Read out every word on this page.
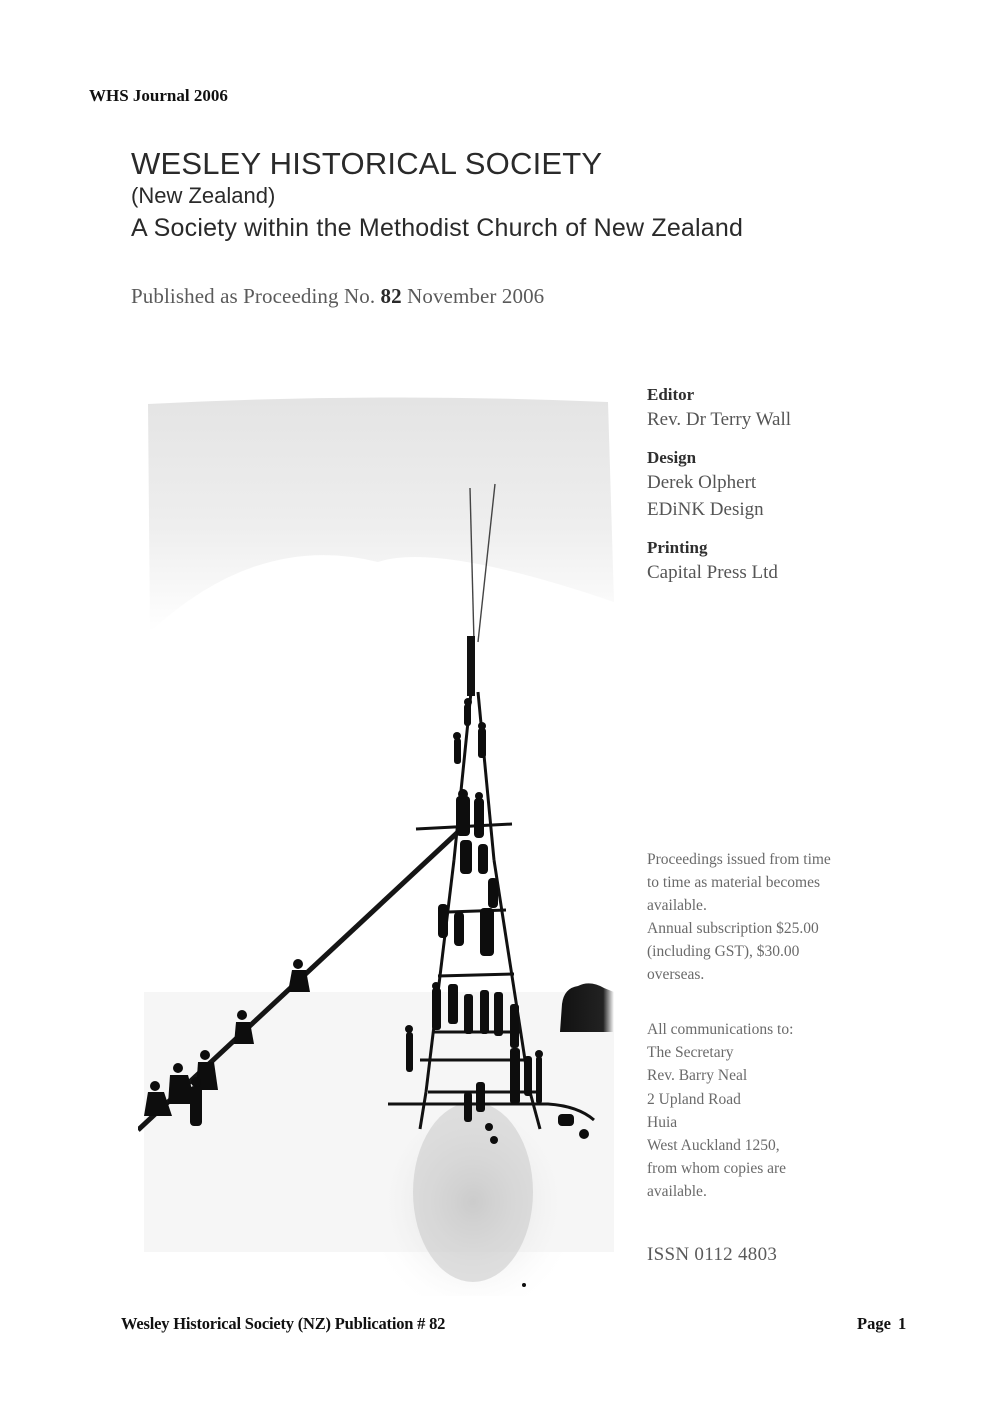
WHS Journal 2006
WESLEY HISTORICAL SOCIETY
(New Zealand)
A Society within the Methodist Church of New Zealand
Published as Proceeding No. 82 November 2006
Editor
Rev. Dr Terry Wall
Design
Derek Olphert
EDiNK Design
Printing
Capital Press Ltd
Proceedings issued from time
to time as material becomes
available.
Annual subscription $25.00
(including GST), $30.00
overseas.
All communications to:
The Secretary
Rev. Barry Neal
2 Upland Road
Huia
West Auckland 1250,
from whom copies are
available.
ISSN 0112 4803
Wesley Historical Society (NZ) Publication # 82	Page 1
